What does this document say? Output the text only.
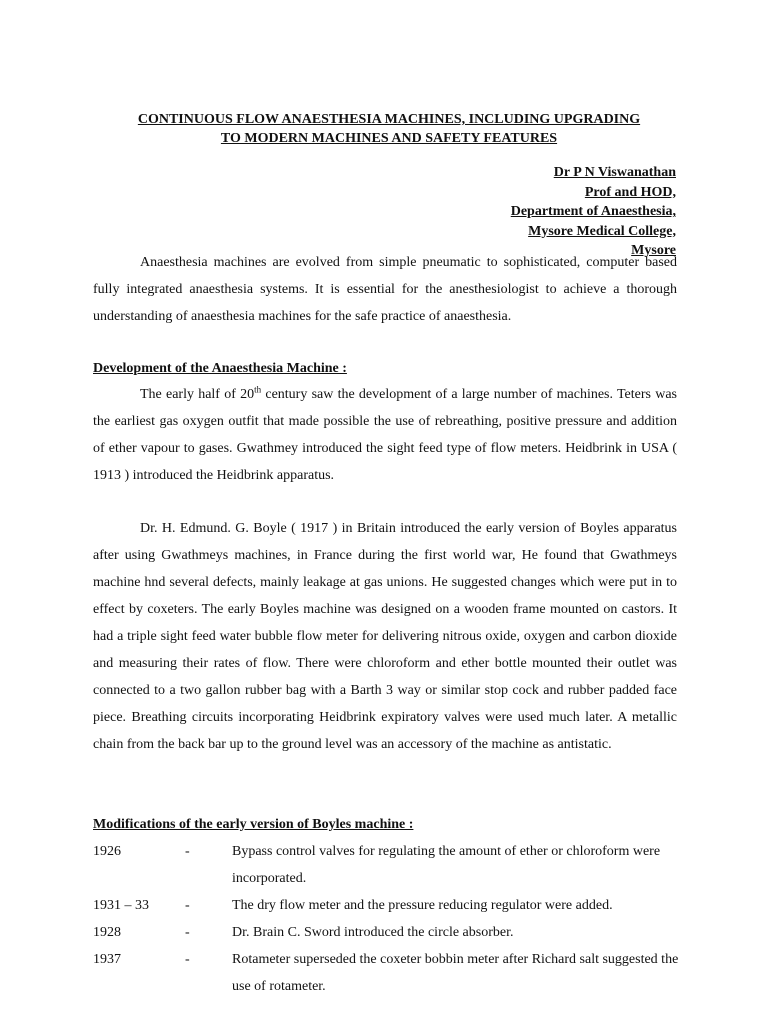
CONTINUOUS FLOW ANAESTHESIA MACHINES, INCLUDING UPGRADING
TO MODERN MACHINES AND SAFETY FEATURES
Dr P N Viswanathan
Prof and HOD,
Department of Anaesthesia,
Mysore Medical College,
Mysore

Anaesthesia machines are evolved from simple pneumatic to sophisticated, computer based fully integrated anaesthesia systems. It is essential for the anesthesiologist to achieve a thorough understanding of anaesthesia machines for the safe practice of anaesthesia.

Development of the Anaesthesia Machine :

The early half of 20th century saw the development of a large number of machines. Teters was the earliest gas oxygen outfit that made possible the use of rebreathing, positive pressure and addition of ether vapour to gases. Gwathmey introduced the sight feed type of flow meters. Heidbrink in USA ( 1913 ) introduced the Heidbrink apparatus.

Dr. H. Edmund. G. Boyle ( 1917 ) in Britain introduced the early version of Boyles apparatus after using Gwathmeys machines, in France during the first world war, He found that Gwathmeys machine hnd several defects, mainly leakage at gas unions. He suggested changes which were put in to effect by coxeters. The early Boyles machine was designed on a wooden frame mounted on castors. It had a triple sight feed water bubble flow meter for delivering nitrous oxide, oxygen and carbon dioxide and measuring their rates of flow. There were chloroform and ether bottle mounted their outlet was connected to a two gallon rubber bag with a Barth 3 way or similar stop cock and rubber padded face piece. Breathing circuits incorporating Heidbrink expiratory valves were used much later. A metallic chain from the back bar up to the ground level was an accessory of the machine as antistatic.

Modifications of the early version of Boyles machine :
1926	-	Bypass control valves for regulating the amount of ether or chloroform were incorporated.
1931 – 33	-	The dry flow meter and the pressure reducing regulator were added.
1928	-	Dr. Brain C. Sword introduced the circle absorber.
1937	-	Rotameter superseded the coxeter bobbin meter after Richard salt suggested the use of rotameter.
